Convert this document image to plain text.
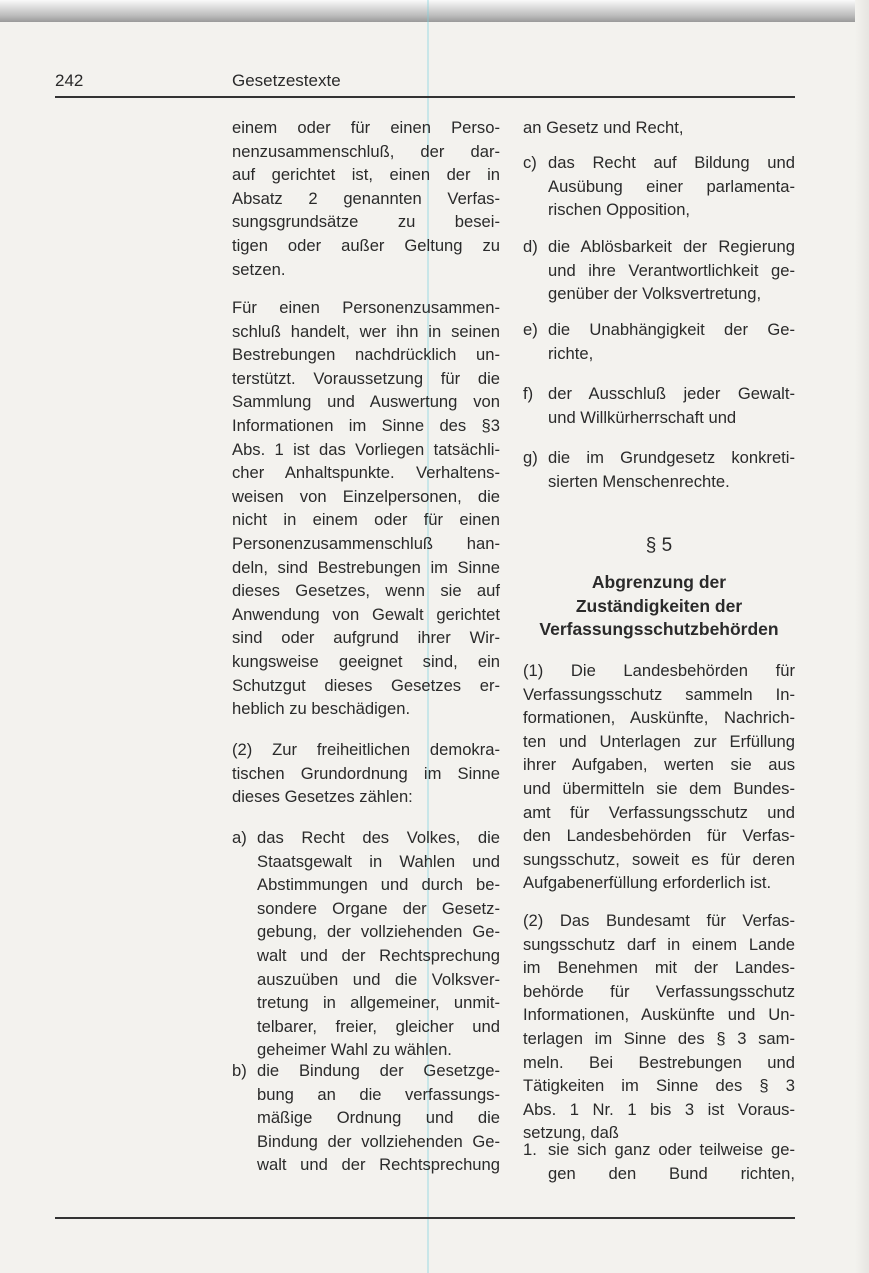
242	Gesetzestexte
einem oder für einen Perso-
nenzusammenschluß, der dar-
auf gerichtet ist, einen der in
Absatz 2 genannten Verfas-
sungsgrundsätze zu besei-
tigen oder außer Geltung zu
setzen.
Für einen Personenzusammen-
schluß handelt, wer ihn in seinen
Bestrebungen nachdrücklich un-
terstützt. Voraussetzung für die
Sammlung und Auswertung von
Informationen im Sinne des §3
Abs. 1 ist das Vorliegen tatsächli-
cher Anhaltspunkte. Verhaltens-
weisen von Einzelpersonen, die
nicht in einem oder für einen
Personenzusammenschluß han-
deln, sind Bestrebungen im Sinne
dieses Gesetzes, wenn sie auf
Anwendung von Gewalt gerichtet
sind oder aufgrund ihrer Wir-
kungsweise geeignet sind, ein
Schutzgut dieses Gesetzes er-
heblich zu beschädigen.
(2) Zur freiheitlichen demokra-
tischen Grundordnung im Sinne
dieses Gesetzes zählen:
a) das Recht des Volkes, die
Staatsgewalt in Wahlen und
Abstimmungen und durch be-
sondere Organe der Gesetz-
gebung, der vollziehenden Ge-
walt und der Rechtsprechung
auszuüben und die Volksver-
tretung in allgemeiner, unmit-
telbarer, freier, gleicher und
geheimer Wahl zu wählen.
b) die Bindung der Gesetzge-
bung an die verfassungs-
mäßige Ordnung und die
Bindung der vollziehenden Ge-
walt und der Rechtsprechung
an Gesetz und Recht,
c) das Recht auf Bildung und
Ausübung einer parlamenta-
rischen Opposition,
d) die Ablösbarkeit der Regierung
und ihre Verantwortlichkeit ge-
genüber der Volksvertretung,
e) die Unabhängigkeit der Ge-
richte,
f) der Ausschluß jeder Gewalt-
und Willkürherrschaft und
g) die im Grundgesetz konkreti-
sierten Menschenrechte.
§ 5
Abgrenzung der
Zuständigkeiten der
Verfassungsschutzbehörden
(1) Die Landesbehörden für
Verfassungsschutz sammeln In-
formationen, Auskünfte, Nachrich-
ten und Unterlagen zur Erfüllung
ihrer Aufgaben, werten sie aus
und übermitteln sie dem Bundes-
amt für Verfassungsschutz und
den Landesbehörden für Verfas-
sungsschutz, soweit es für deren
Aufgabenerfüllung erforderlich ist.
(2) Das Bundesamt für Verfas-
sungsschutz darf in einem Lande
im Benehmen mit der Landes-
behörde für Verfassungsschutz
Informationen, Auskünfte und Un-
terlagen im Sinne des § 3 sam-
meln. Bei Bestrebungen und
Tätigkeiten im Sinne des § 3
Abs. 1 Nr. 1 bis 3 ist Voraus-
setzung, daß
1. sie sich ganz oder teilweise ge-
gen den Bund richten,
